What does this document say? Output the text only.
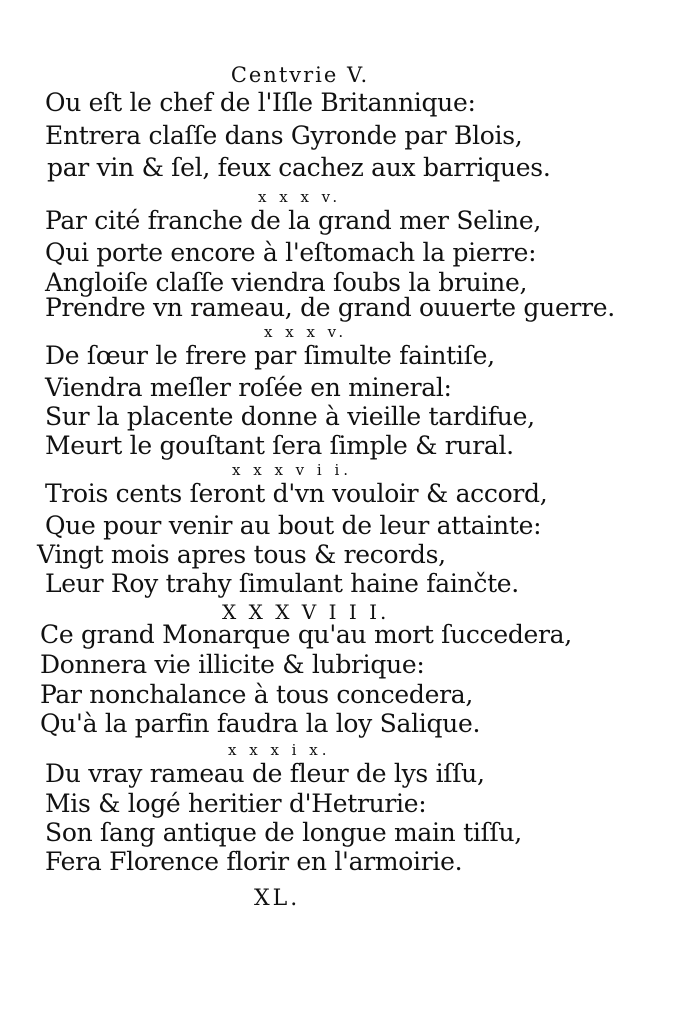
Centvrie V.
Ou eſt le chef de l'Iſle Britannique:
Entrera claſſe dans Gyronde par Blois,
par vin & ſel, feux cachez aux barriques.
x x x v.
Par cité franche de la grand mer Seline,
Qui porte encore à l'eſtomach la pierre:
Angloiſe claſſe viendra ſoubs la bruine,
Prendre vn rameau, de grand ouuerte guerre.
x x x v.
De ſœur le frere par ſimulte faintiſe,
Viendra meſler roſée en mineral:
Sur la placente donne à vieille tardifue,
Meurt le gouſtant ſera ſimple & rural.
x x x v i i.
Trois cents ſeront d'vn vouloir & accord,
Que pour venir au bout de leur attainte:
Vingt mois apres tous & records,
Leur Roy trahy ſimulant haine fainčte.
X X X V I I I.
Ce grand Monarque qu'au mort ſuccedera,
Donnera vie illicite & lubrique:
Par nonchalance à tous concedera,
Qu'à la parfin faudra la loy Salique.
x x x i x.
Du vray rameau de fleur de lys iſſu,
Mis & logé heritier d'Hetrurie:
Son ſang antique de longue main tiſſu,
Fera Florence florir en l'armoirie.
XL.
